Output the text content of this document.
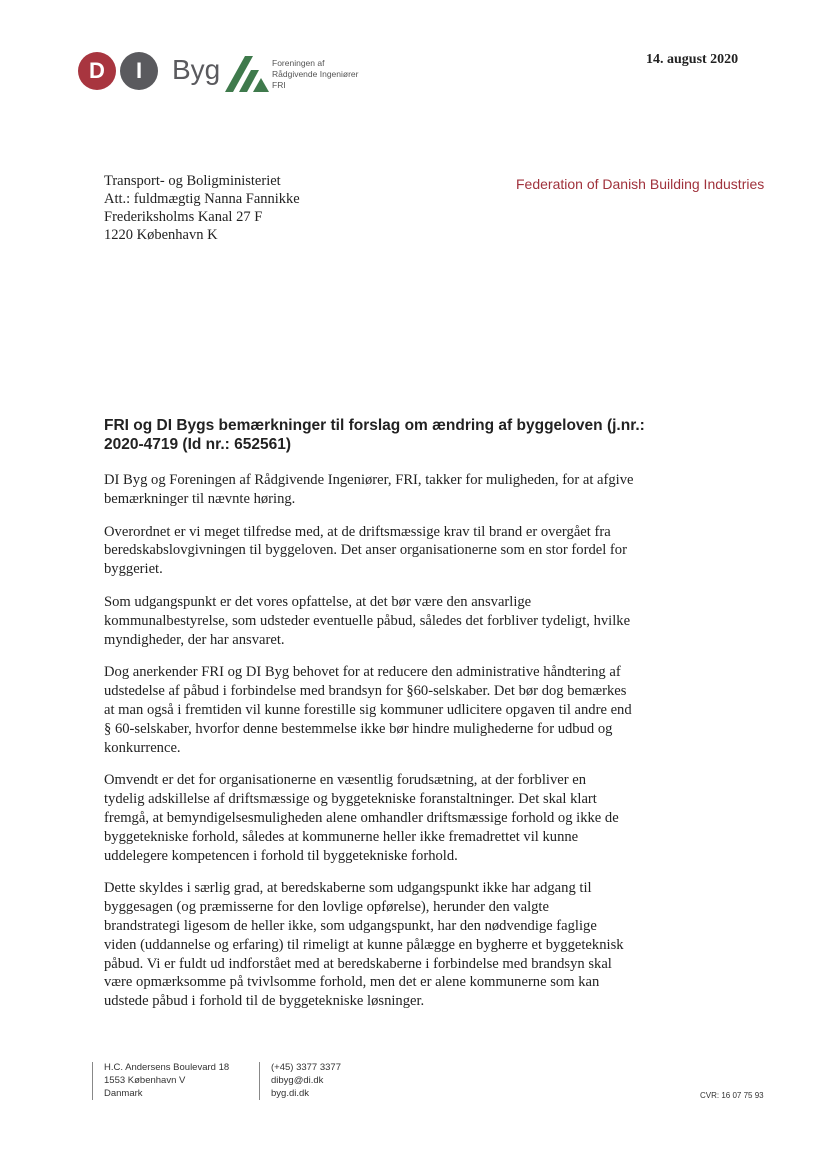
D	I	Byg	Foreningen af
Rådgivende Ingeniører
FRI
14. august 2020
Transport- og Boligministeriet
Att.: fuldmægtig Nanna Fannikke
Frederiksholms Kanal 27 F
1220 København K
Federation of Danish Building Industries
FRI og DI Bygs bemærkninger til forslag om ændring af byggeloven (j.nr.:
2020-4719 (Id nr.: 652561)
DI Byg og Foreningen af Rådgivende Ingeniører, FRI, takker for muligheden, for at afgive
bemærkninger til nævnte høring.
Overordnet er vi meget tilfredse med, at de driftsmæssige krav til brand er overgået fra
beredskabslovgivningen til byggeloven. Det anser organisationerne som en stor fordel for
byggeriet.
Som udgangspunkt er det vores opfattelse, at det bør være den ansvarlige
kommunalbestyrelse, som udsteder eventuelle påbud, således det forbliver tydeligt, hvilke
myndigheder, der har ansvaret.
Dog anerkender FRI og DI Byg behovet for at reducere den administrative håndtering af
udstedelse af påbud i forbindelse med brandsyn for §60-selskaber. Det bør dog bemærkes
at man også i fremtiden vil kunne forestille sig kommuner udlicitere opgaven til andre end
§ 60-selskaber, hvorfor denne bestemmelse ikke bør hindre mulighederne for udbud og
konkurrence.
Omvendt er det for organisationerne en væsentlig forudsætning, at der forbliver en
tydelig adskillelse af driftsmæssige og byggetekniske foranstaltninger. Det skal klart
fremgå, at bemyndigelsesmuligheden alene omhandler driftsmæssige forhold og ikke de
byggetekniske forhold, således at kommunerne heller ikke fremadrettet vil kunne
uddelegere kompetencen i forhold til byggetekniske forhold.
Dette skyldes i særlig grad, at beredskaberne som udgangspunkt ikke har adgang til
byggesagen (og præmisserne for den lovlige opførelse), herunder den valgte
brandstrategi ligesom de heller ikke, som udgangspunkt, har den nødvendige faglige
viden (uddannelse og erfaring) til rimeligt at kunne pålægge en bygherre et byggeteknisk
påbud. Vi er fuldt ud indforstået med at beredskaberne i forbindelse med brandsyn skal
være opmærksomme på tvivlsomme forhold, men det er alene kommunerne som kan
udstede påbud i forhold til de byggetekniske løsninger.
H.C. Andersens Boulevard 18
1553 København V
Danmark
(+45) 3377 3377
dibyg@di.dk
byg.di.dk	CVR: 16 07 75 93
